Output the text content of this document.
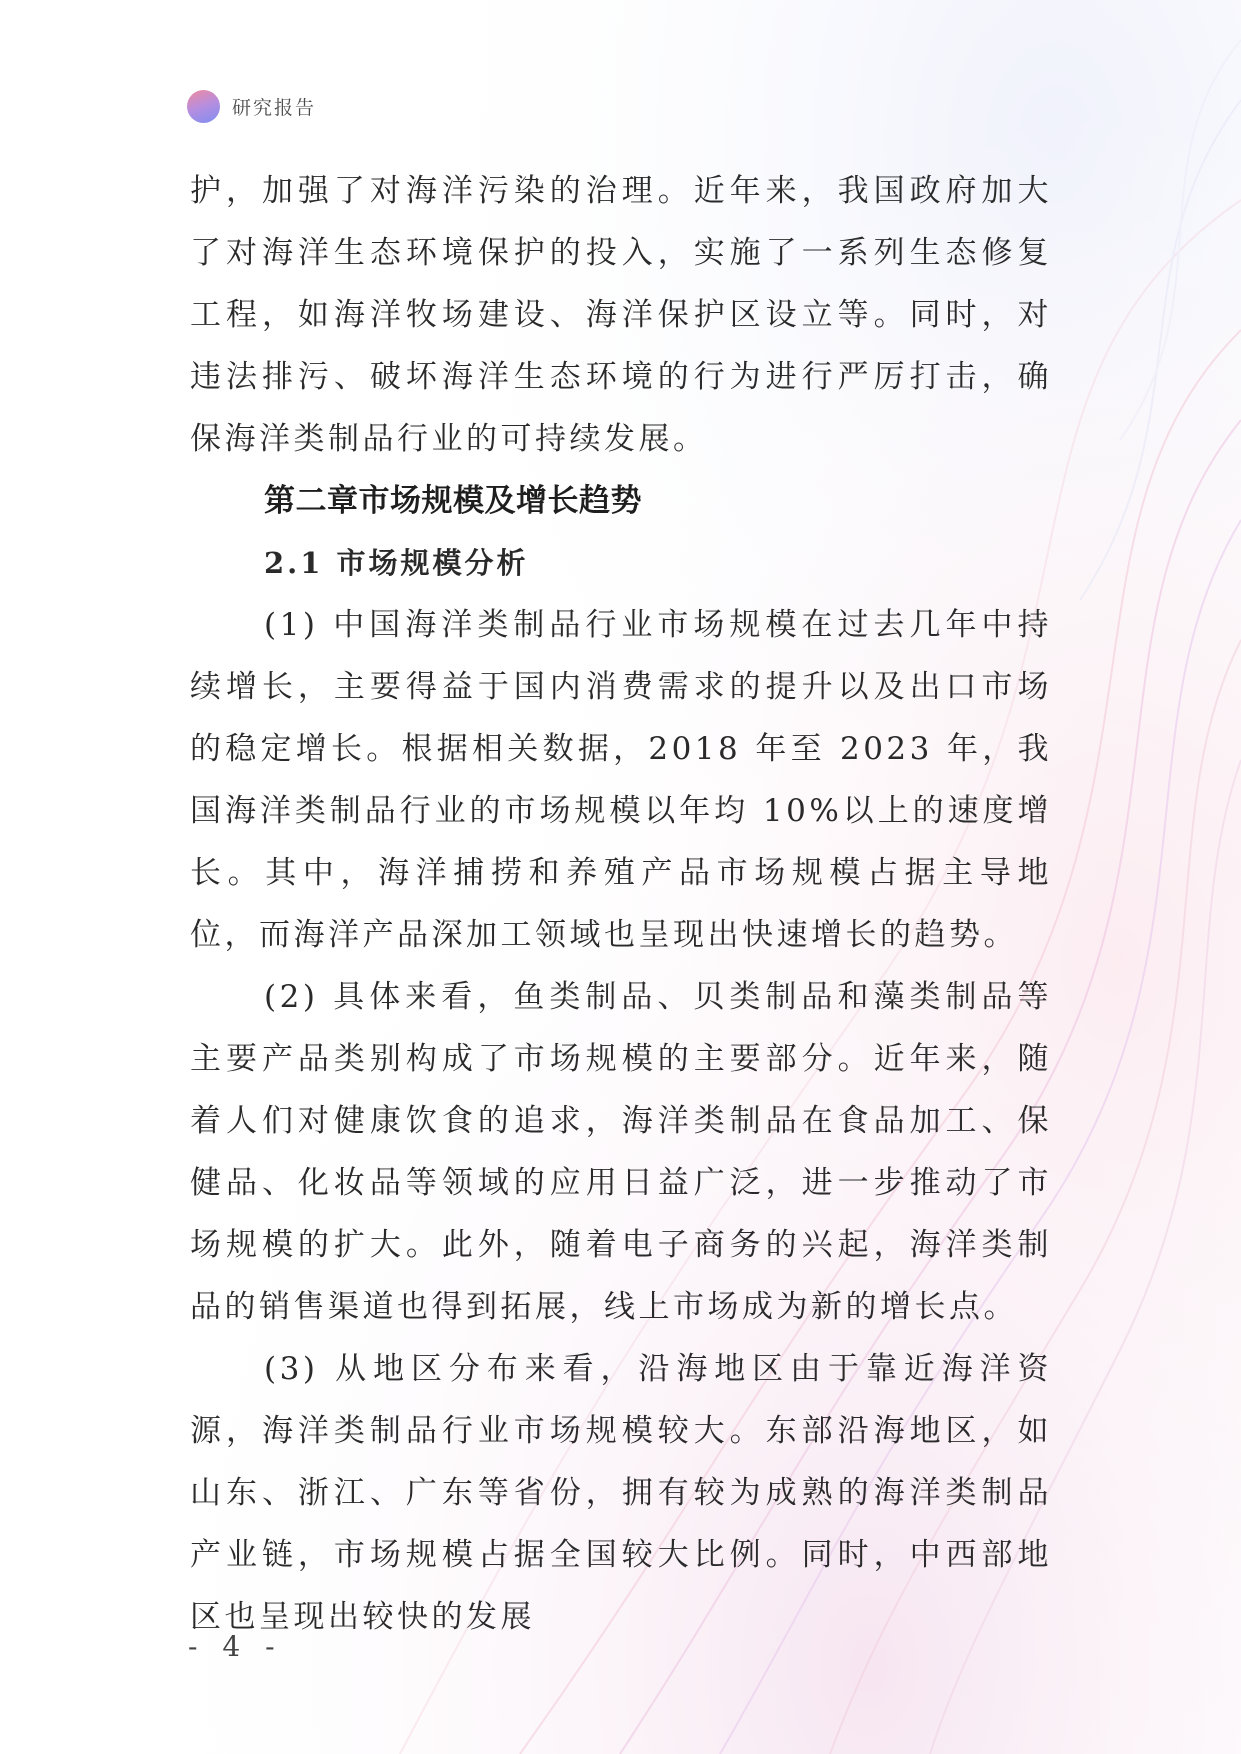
研究报告

护，加强了对海洋污染的治理。近年来，我国政府加大了对海洋生态环境保护的投入，实施了一系列生态修复工程，如海洋牧场建设、海洋保护区设立等。同时，对违法排污、破坏海洋生态环境的行为进行严厉打击，确保海洋类制品行业的可持续发展。

第二章市场规模及增长趋势
2.1 市场规模分析

(1) 中国海洋类制品行业市场规模在过去几年中持续增长，主要得益于国内消费需求的提升以及出口市场的稳定增长。根据相关数据，2018 年至 2023 年，我国海洋类制品行业的市场规模以年均 10%以上的速度增长。其中，海洋捕捞和养殖产品市场规模占据主导地位，而海洋产品深加工领域也呈现出快速增长的趋势。

(2) 具体来看，鱼类制品、贝类制品和藻类制品等主要产品类别构成了市场规模的主要部分。近年来，随着人们对健康饮食的追求，海洋类制品在食品加工、保健品、化妆品等领域的应用日益广泛，进一步推动了市场规模的扩大。此外，随着电子商务的兴起，海洋类制品的销售渠道也得到拓展，线上市场成为新的增长点。

(3) 从地区分布来看，沿海地区由于靠近海洋资源，海洋类制品行业市场规模较大。东部沿海地区，如山东、浙江、广东等省份，拥有较为成熟的海洋类制品产业链，市场规模占据全国较大比例。同时，中西部地区也呈现出较快的发展

- 4 -
